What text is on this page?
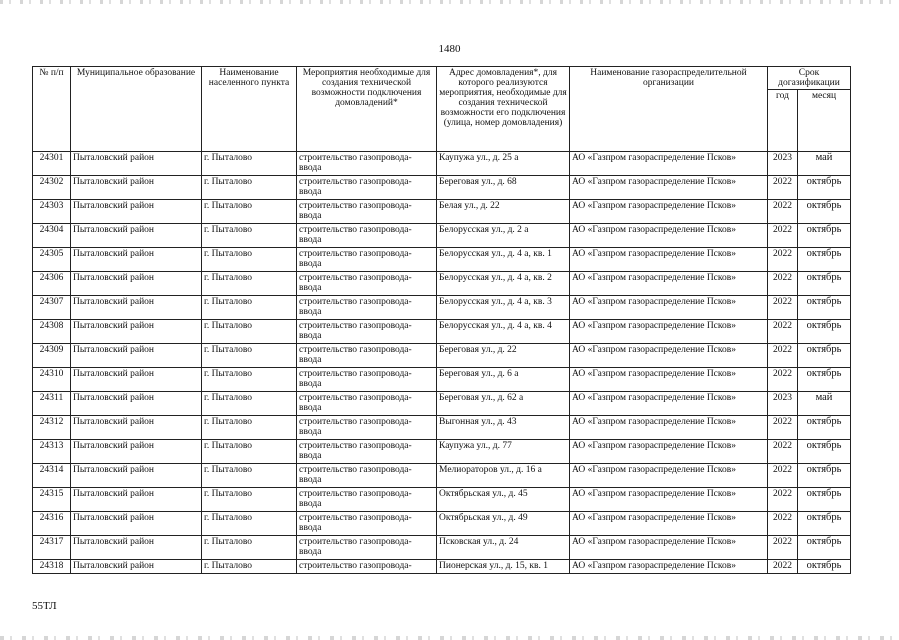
1480
№ п/п	Муниципальное образование	Наименование населенного пункта	Мероприятия необходимые для создания технической возможности подключения домовладений*	Адрес домовладения*, для которого реализуются мероприятия, необходимые для создания технической возможности его подключения (улица, номер домовладения)	Наименование газораспределительной организации	Срок догазификации	
						год	месяц
24301	Пыталовский район	г. Пыталово	строительство газопровода-ввода	Каупужа ул., д. 25 а	АО «Газпром газораспределение Псков»	2023	май
24302	Пыталовский район	г. Пыталово	строительство газопровода-ввода	Береговая ул., д. 68	АО «Газпром газораспределение Псков»	2022	октябрь
24303	Пыталовский район	г. Пыталово	строительство газопровода-ввода	Белая ул., д. 22	АО «Газпром газораспределение Псков»	2022	октябрь
24304	Пыталовский район	г. Пыталово	строительство газопровода-ввода	Белорусская ул., д. 2 а	АО «Газпром газораспределение Псков»	2022	октябрь
24305	Пыталовский район	г. Пыталово	строительство газопровода-ввода	Белорусская ул., д. 4 а, кв. 1	АО «Газпром газораспределение Псков»	2022	октябрь
24306	Пыталовский район	г. Пыталово	строительство газопровода-ввода	Белорусская ул., д. 4 а, кв. 2	АО «Газпром газораспределение Псков»	2022	октябрь
24307	Пыталовский район	г. Пыталово	строительство газопровода-ввода	Белорусская ул., д. 4 а, кв. 3	АО «Газпром газораспределение Псков»	2022	октябрь
24308	Пыталовский район	г. Пыталово	строительство газопровода-ввода	Белорусская ул., д. 4 а, кв. 4	АО «Газпром газораспределение Псков»	2022	октябрь
24309	Пыталовский район	г. Пыталово	строительство газопровода-ввода	Береговая ул., д. 22	АО «Газпром газораспределение Псков»	2022	октябрь
24310	Пыталовский район	г. Пыталово	строительство газопровода-ввода	Береговая ул., д. 6 а	АО «Газпром газораспределение Псков»	2022	октябрь
24311	Пыталовский район	г. Пыталово	строительство газопровода-ввода	Береговая ул., д. 62 а	АО «Газпром газораспределение Псков»	2023	май
24312	Пыталовский район	г. Пыталово	строительство газопровода-ввода	Выгонная ул., д. 43	АО «Газпром газораспределение Псков»	2022	октябрь
24313	Пыталовский район	г. Пыталово	строительство газопровода-ввода	Каупужа ул., д. 77	АО «Газпром газораспределение Псков»	2022	октябрь
24314	Пыталовский район	г. Пыталово	строительство газопровода-ввода	Мелиораторов ул., д. 16 а	АО «Газпром газораспределение Псков»	2022	октябрь
24315	Пыталовский район	г. Пыталово	строительство газопровода-ввода	Октябрьская ул., д. 45	АО «Газпром газораспределение Псков»	2022	октябрь
24316	Пыталовский район	г. Пыталово	строительство газопровода-ввода	Октябрьская ул., д. 49	АО «Газпром газораспределение Псков»	2022	октябрь
24317	Пыталовский район	г. Пыталово	строительство газопровода-ввода	Псковская ул., д. 24	АО «Газпром газораспределение Псков»	2022	октябрь
24318	Пыталовский район	г. Пыталово	строительство газопровода-	Пионерская ул., д. 15, кв. 1	АО «Газпром газораспределение Псков»	2022	октябрь
55ТЛ
